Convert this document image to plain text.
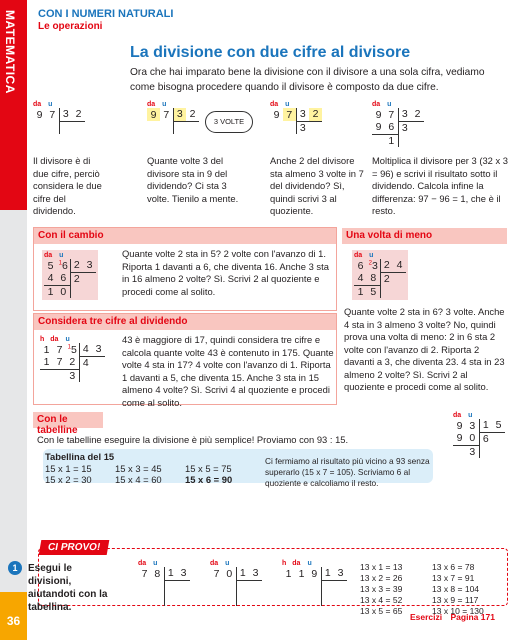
MATEMATICA
36
CON I NUMERI NATURALI
Le operazioni
La divisione con due cifre al divisore
Ora che hai imparato bene la divisione con il divisore a una sola cifra, vediamo come bisogna procedere quando il divisore è composto da due cifre.
da u
9	7	3	2

da u
9	7	3	2

3 VOLTE
da u
9	7	3	2
		3	
da u
9	7	3	2
9	6	3	
	1		
Il divisore è di due cifre, perciò considera le due cifre del dividendo.
Quante volte 3 del divisore sta in 9 del dividendo? Ci sta 3 volte. Tienilo a mente.
Anche 2 del divisore sta almeno 3 volte in 7 del dividendo? Sì, quindi scrivi 3 al quoziente.
Moltiplica il divisore per 3 (32 x 3 = 96) e scrivi il risultato sotto il dividendo. Calcola infine la differenza: 97 − 96 = 1, che è il resto.
Con il cambio
da u
5	$^1$6	2	3
4	6	2	
1	0		
Quante volte 2 sta in 5? 2 volte con l'avanzo di 1. Riporta 1 davanti a 6, che diventa 16. Anche 3 sta in 16 almeno 2 volte? Sì. Scrivi 2 al quoziente e procedi come al solito.
Considera tre cifre al dividendo
h da u
1	7	$^1$5	4	3
1	7	2	4	
		3		
43 è maggiore di 17, quindi considera tre cifre e calcola quante volte 43 è contenuto in 175. Quante volte 4 sta in 17? 4 volte con l'avanzo di 1. Riporta 1 davanti a 5, che diventa 15. Anche 3 sta in 15 almeno 4 volte? Sì. Scrivi 4 al quoziente e procedi come al solito.
Una volta di meno
da u
6	$^2$3	2	4
4	8	2	
1	5		
Quante volte 2 sta in 6? 3 volte. Anche 4 sta in 3 almeno 3 volte? No, quindi prova una volta di meno: 2 in 6 sta 2 volte con l'avanzo di 2. Riporta 2 davanti a 3, che diventa 23. 4 sta in 23 almeno 2 volte? Sì. Scrivi 2 al quoziente e procedi come al solito.
Con le tabelline
Con le tabelline eseguire la divisione è più semplice! Proviamo con 93 : 15.
Tabellina del 15
15 x 1 = 15 15 x 3 = 45 15 x 5 = 75
15 x 2 = 30 15 x 4 = 60 15 x 6 = 90
Ci fermiamo al risultato più vicino a 93 senza superarlo (15 x 7 = 105). Scriviamo 6 al quoziente e calcoliamo il resto.
da u
9	3	1	5
9	0	6	
	3		
CI PROVO!
1	Esegui le divisioni, aiutandoti con la tabellina.
da u
7	8	1	3

da u
7	0	1	3

h da u
1	1	9	1	3

13 x 1 = 13
13 x 2 = 26
13 x 3 = 39
13 x 4 = 52
13 x 5 = 65
13 x 6 = 78
13 x 7 = 91
13 x 8 = 104
13 x 9 = 117
13 x 10 = 130
Esercizi Pagina 171
